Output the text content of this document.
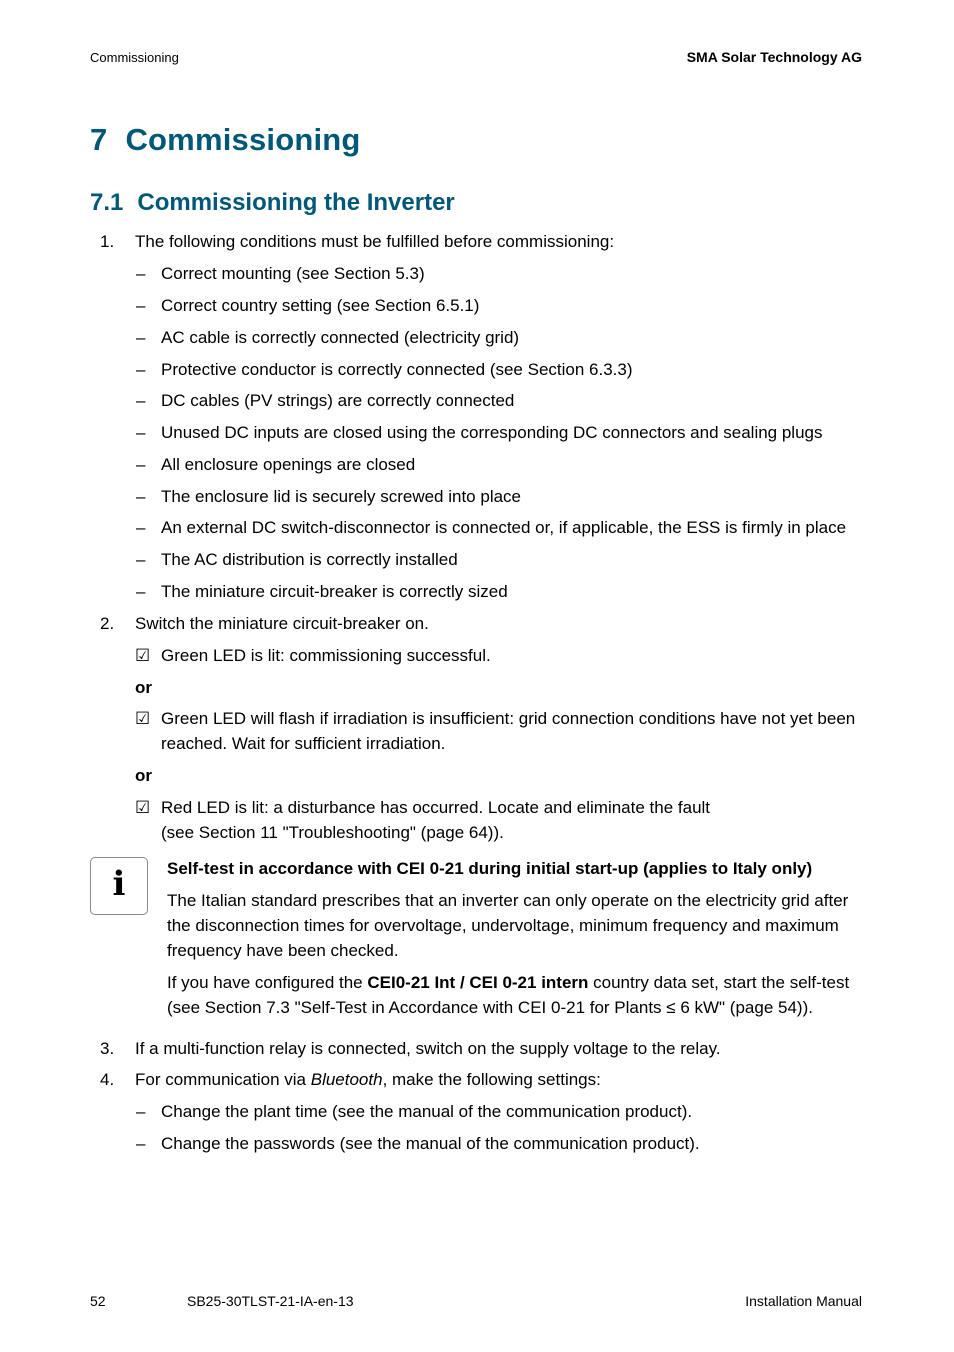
Commissioning	SMA Solar Technology AG
7 Commissioning
7.1 Commissioning the Inverter
1. The following conditions must be fulfilled before commissioning:
– Correct mounting (see Section 5.3)
– Correct country setting (see Section 6.5.1)
– AC cable is correctly connected (electricity grid)
– Protective conductor is correctly connected (see Section 6.3.3)
– DC cables (PV strings) are correctly connected
– Unused DC inputs are closed using the corresponding DC connectors and sealing plugs
– All enclosure openings are closed
– The enclosure lid is securely screwed into place
– An external DC switch-disconnector is connected or, if applicable, the ESS is firmly in place
– The AC distribution is correctly installed
– The miniature circuit-breaker is correctly sized
2. Switch the miniature circuit-breaker on.
☑ Green LED is lit: commissioning successful.
or
☑ Green LED will flash if irradiation is insufficient: grid connection conditions have not yet been
reached. Wait for sufficient irradiation.
or
☑ Red LED is lit: a disturbance has occurred. Locate and eliminate the fault
(see Section 11 "Troubleshooting" (page 64)).
i	Self-test in accordance with CEI 0-21 during initial start-up (applies to Italy only)
The Italian standard prescribes that an inverter can only operate on the electricity grid after
the disconnection times for overvoltage, undervoltage, minimum frequency and maximum
frequency have been checked.
If you have configured the CEI0-21 Int / CEI 0-21 intern country data set, start the self-test
(see Section 7.3 "Self-Test in Accordance with CEI 0-21 for Plants ≤ 6 kW" (page 54)).
3. If a multi-function relay is connected, switch on the supply voltage to the relay.
4. For communication via Bluetooth, make the following settings:
– Change the plant time (see the manual of the communication product).
– Change the passwords (see the manual of the communication product).
52	SB25-30TLST-21-IA-en-13	Installation Manual
